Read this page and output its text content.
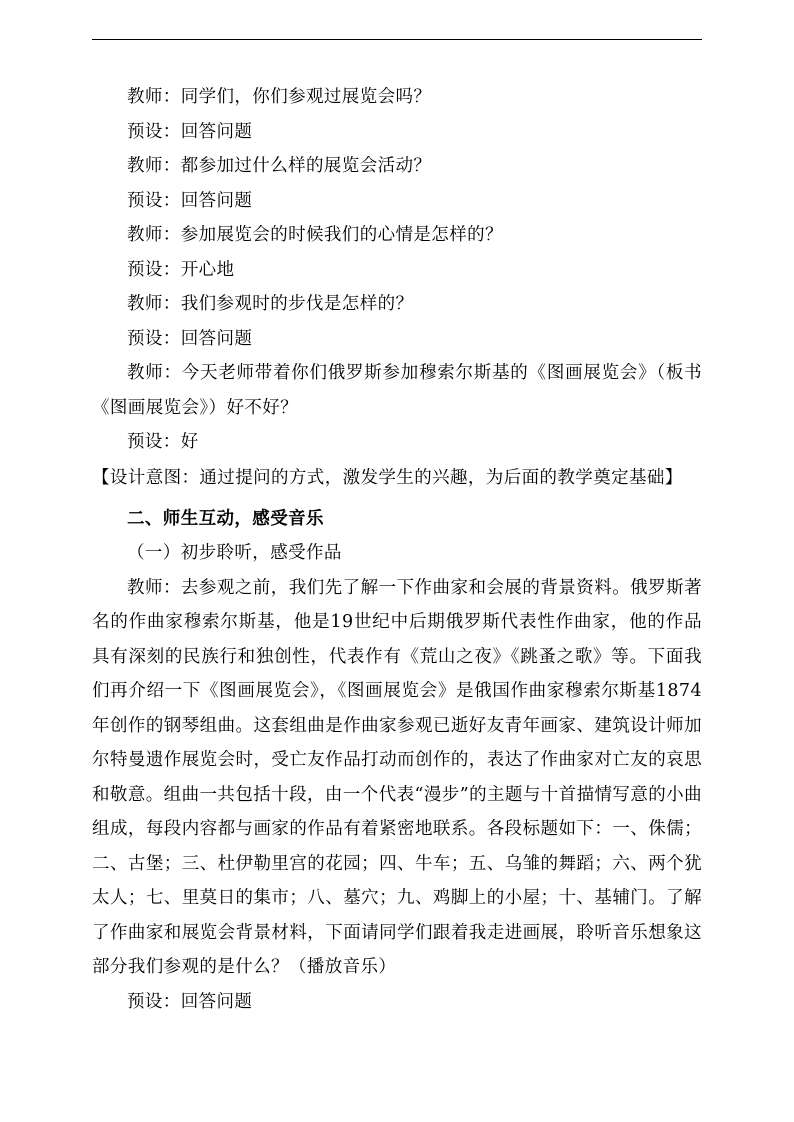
教师：同学们，你们参观过展览会吗？

预设：回答问题

教师：都参加过什么样的展览会活动？

预设：回答问题

教师：参加展览会的时候我们的心情是怎样的？

预设：开心地

教师：我们参观时的步伐是怎样的？

预设：回答问题

教师：今天老师带着你们俄罗斯参加穆索尔斯基的《图画展览会》（板书《图画展览会》）好不好？

预设：好

【设计意图：通过提问的方式，激发学生的兴趣，为后面的教学奠定基础】

二、师生互动，感受音乐

（一）初步聆听，感受作品

教师：去参观之前，我们先了解一下作曲家和会展的背景资料。俄罗斯著名的作曲家穆索尔斯基，他是19世纪中后期俄罗斯代表性作曲家，他的作品具有深刻的民族行和独创性，代表作有《荒山之夜》《跳蚤之歌》等。下面我们再介绍一下《图画展览会》，《图画展览会》是俄国作曲家穆索尔斯基1874年创作的钢琴组曲。这套组曲是作曲家参观已逝好友青年画家、建筑设计师加尔特曼遗作展览会时，受亡友作品打动而创作的，表达了作曲家对亡友的哀思和敬意。组曲一共包括十段，由一个代表“漫步”的主题与十首描情写意的小曲组成，每段内容都与画家的作品有着紧密地联系。各段标题如下：一、侏儒；二、古堡；三、杜伊勒里宫的花园；四、牛车；五、乌雏的舞蹈；六、两个犹太人；七、里莫日的集市；八、墓穴；九、鸡脚上的小屋；十、基辅门。了解了作曲家和展览会背景材料，下面请同学们跟着我走进画展，聆听音乐想象这部分我们参观的是什么？（播放音乐）

预设：回答问题
